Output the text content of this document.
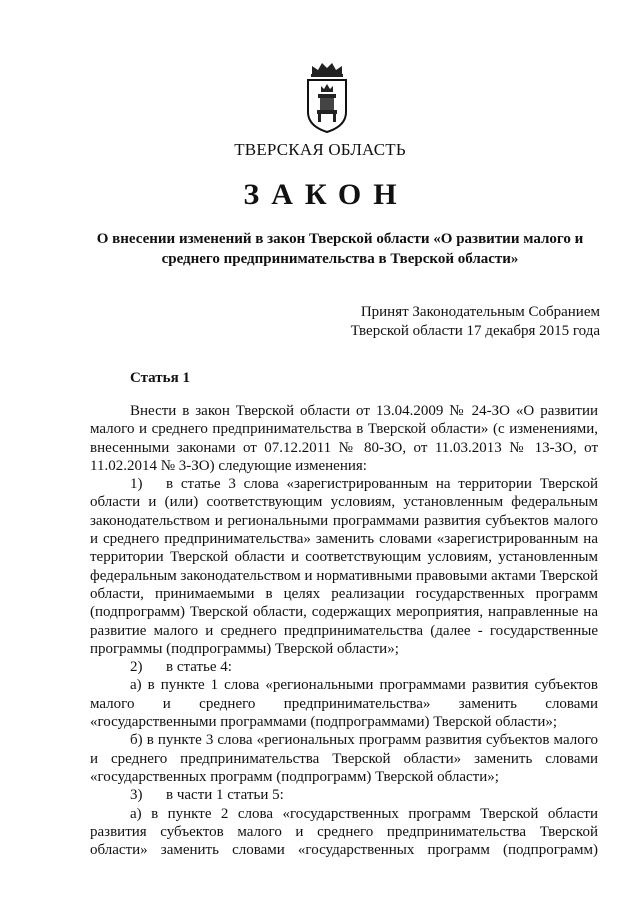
ТВЕРСКАЯ ОБЛАСТЬ
ЗАКОН
О внесении изменений в закон Тверской области «О развитии малого и среднего предпринимательства в Тверской области»
Принят Законодательным Собранием
Тверской области 17 декабря 2015 года
Статья 1

Внести в закон Тверской области от 13.04.2009 № 24-ЗО «О развитии малого и среднего предпринимательства в Тверской области» (с изменениями, внесенными законами от 07.12.2011 № 80-ЗО, от 11.03.2013 № 13-ЗО, от 11.02.2014 № 3-ЗО) следующие изменения:

1) в статье 3 слова «зарегистрированным на территории Тверской области и (или) соответствующим условиям, установленным федеральным законодательством и региональными программами развития субъектов малого и среднего предпринимательства» заменить словами «зарегистрированным на территории Тверской области и соответствующим условиям, установленным федеральным законодательством и нормативными правовыми актами Тверской области, принимаемыми в целях реализации государственных программ (подпрограмм) Тверской области, содержащих мероприятия, направленные на развитие малого и среднего предпринимательства (далее - государственные программы (подпрограммы) Тверской области»;

2) в статье 4:

а) в пункте 1 слова «региональными программами развития субъектов малого и среднего предпринимательства» заменить словами «государственными программами (подпрограммами) Тверской области»;

б) в пункте 3 слова «региональных программ развития субъектов малого и среднего предпринимательства Тверской области» заменить словами «государственных программ (подпрограмм) Тверской области»;

3) в части 1 статьи 5:

а) в пункте 2 слова «государственных программ Тверской области развития субъектов малого и среднего предпринимательства Тверской области» заменить словами «государственных программ (подпрограмм)
